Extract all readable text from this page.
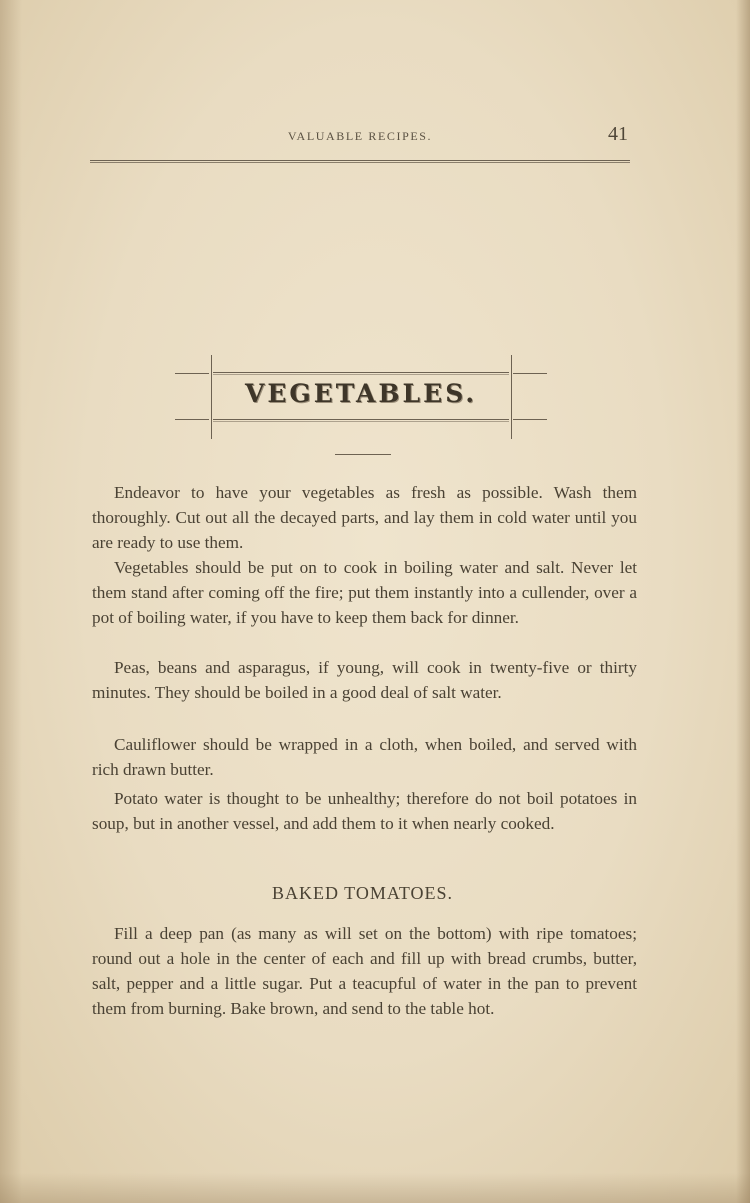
VALUABLE RECIPES.	41
VEGETABLES.

Endeavor to have your vegetables as fresh as possible. Wash them thoroughly. Cut out all the decayed parts, and lay them in cold water until you are ready to use them.

Vegetables should be put on to cook in boiling water and salt. Never let them stand after coming off the fire; put them instantly into a cullender, over a pot of boiling water, if you have to keep them back for dinner.

Peas, beans and asparagus, if young, will cook in twenty-five or thirty minutes. They should be boiled in a good deal of salt water.

Cauliflower should be wrapped in a cloth, when boiled, and served with rich drawn butter.

Potato water is thought to be unhealthy; therefore do not boil potatoes in soup, but in another vessel, and add them to it when nearly cooked.

BAKED TOMATOES.

Fill a deep pan (as many as will set on the bottom) with ripe tomatoes; round out a hole in the center of each and fill up with bread crumbs, butter, salt, pepper and a little sugar. Put a teacupful of water in the pan to prevent them from burning. Bake brown, and send to the table hot.
